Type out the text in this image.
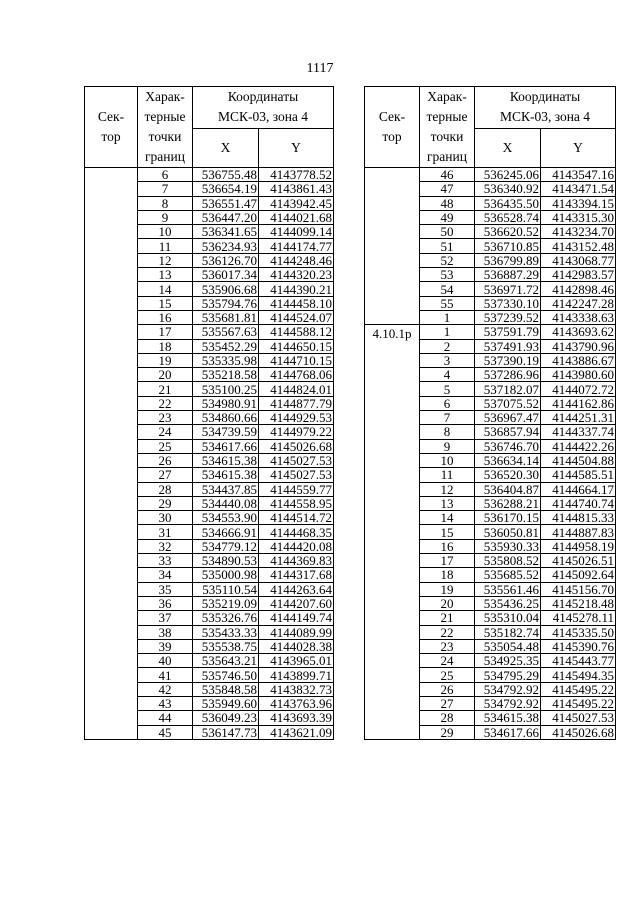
1117
Сек-
тор	Харак-
терные
точки
границ	Координаты
МСК-03, зона 4	

		X	Y
	6	536755.48	4143778.52
	7	536654.19	4143861.43
	8	536551.47	4143942.45
	9	536447.20	4144021.68
	10	536341.65	4144099.14
	11	536234.93	4144174.77
	12	536126.70	4144248.46
	13	536017.34	4144320.23
	14	535906.68	4144390.21
	15	535794.76	4144458.10
	16	535681.81	4144524.07
	17	535567.63	4144588.12
	18	535452.29	4144650.15
	19	535335.98	4144710.15
	20	535218.58	4144768.06
	21	535100.25	4144824.01
	22	534980.91	4144877.79
	23	534860.66	4144929.53
	24	534739.59	4144979.22
	25	534617.66	4145026.68
	26	534615.38	4145027.53
	27	534615.38	4145027.53
	28	534437.85	4144559.77
	29	534440.08	4144558.95
	30	534553.90	4144514.72
	31	534666.91	4144468.35
	32	534779.12	4144420.08
	33	534890.53	4144369.83
	34	535000.98	4144317.68
	35	535110.54	4144263.64
	36	535219.09	4144207.60
	37	535326.76	4144149.74
	38	535433.33	4144089.99
	39	535538.75	4144028.38
	40	535643.21	4143965.01
	41	535746.50	4143899.71
	42	535848.58	4143832.73
	43	535949.60	4143763.96
	44	536049.23	4143693.39
	45	536147.73	4143621.09
Сек-
тор	Харак-
терные
точки
границ	Координаты
МСК-03, зона 4	

		X	Y
	46	536245.06	4143547.16
	47	536340.92	4143471.54
	48	536435.50	4143394.15
	49	536528.74	4143315.30
	50	536620.52	4143234.70
	51	536710.85	4143152.48
	52	536799.89	4143068.77
	53	536887.29	4142983.57
	54	536971.72	4142898.46
	55	537330.10	4142247.28
	1	537239.52	4143338.63
4.10.1р	1	537591.79	4143693.62
	2	537491.93	4143790.96
	3	537390.19	4143886.67
	4	537286.96	4143980.60
	5	537182.07	4144072.72
	6	537075.52	4144162.86
	7	536967.47	4144251.31
	8	536857.94	4144337.74
	9	536746.70	4144422.26
	10	536634.14	4144504.88
	11	536520.30	4144585.51
	12	536404.87	4144664.17
	13	536288.21	4144740.74
	14	536170.15	4144815.33
	15	536050.81	4144887.83
	16	535930.33	4144958.19
	17	535808.52	4145026.51
	18	535685.52	4145092.64
	19	535561.46	4145156.70
	20	535436.25	4145218.48
	21	535310.04	4145278.11
	22	535182.74	4145335.50
	23	535054.48	4145390.76
	24	534925.35	4145443.77
	25	534795.29	4145494.35
	26	534792.92	4145495.22
	27	534792.92	4145495.22
	28	534615.38	4145027.53
	29	534617.66	4145026.68
